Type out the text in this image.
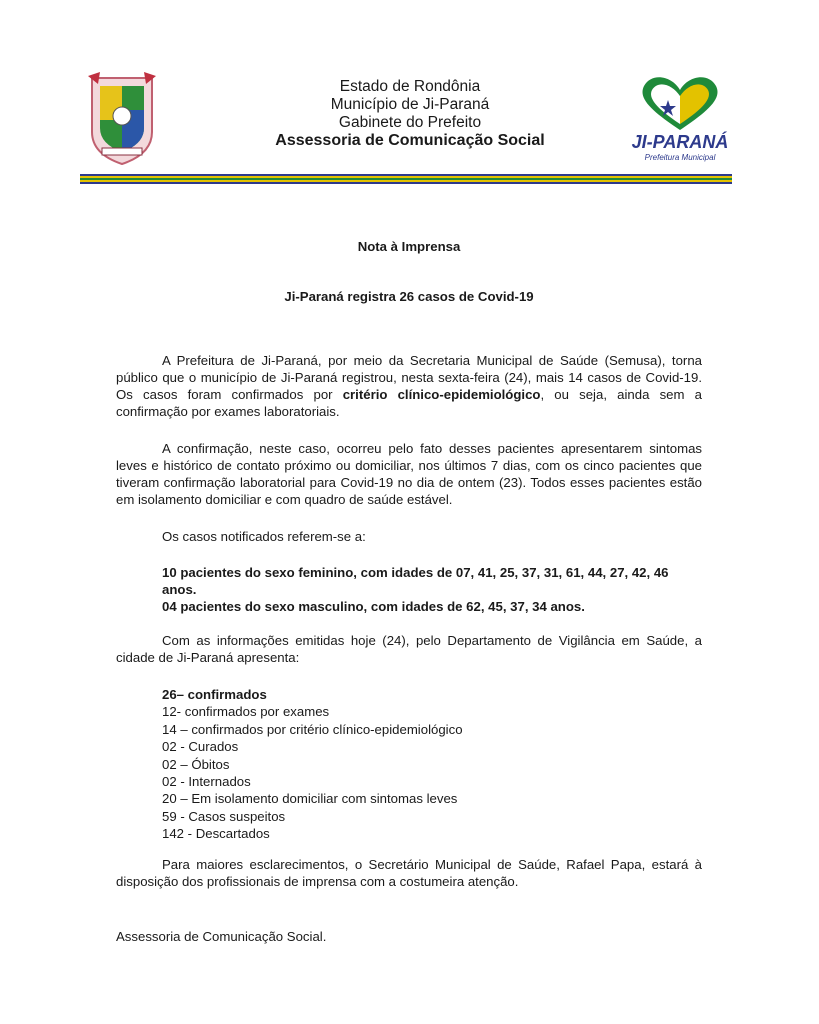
Estado de Rondônia
Município de Ji-Paraná
Gabinete do Prefeito
Assessoria de Comunicação Social	JI-PARANÁ
Prefeitura Municipal

Nota à Imprensa

Ji-Paraná registra 26 casos de Covid-19

A Prefeitura de Ji-Paraná, por meio da Secretaria Municipal de Saúde (Semusa), torna público que o município de Ji-Paraná registrou, nesta sexta-feira (24), mais 14 casos de Covid-19. Os casos foram confirmados por critério clínico-epidemiológico, ou seja, ainda sem a confirmação por exames laboratoriais.

A confirmação, neste caso, ocorreu pelo fato desses pacientes apresentarem sintomas leves e histórico de contato próximo ou domiciliar, nos últimos 7 dias, com os cinco pacientes que tiveram confirmação laboratorial para Covid-19 no dia de ontem (23). Todos esses pacientes estão em isolamento domiciliar e com quadro de saúde estável.

Os casos notificados referem-se a:

10 pacientes do sexo feminino, com idades de 07, 41, 25, 37, 31, 61, 44, 27, 42, 46 anos.

04 pacientes do sexo masculino, com idades de 62, 45, 37, 34 anos.

Com as informações emitidas hoje (24), pelo Departamento de Vigilância em Saúde, a cidade de Ji-Paraná apresenta:

26– confirmados
12- confirmados por exames
14 – confirmados por critério clínico-epidemiológico
02 - Curados
02 – Óbitos
02 - Internados
20 – Em isolamento domiciliar com sintomas leves
59 - Casos suspeitos
142 - Descartados

Para maiores esclarecimentos, o Secretário Municipal de Saúde, Rafael Papa, estará à disposição dos profissionais de imprensa com a costumeira atenção.

Assessoria de Comunicação Social.
